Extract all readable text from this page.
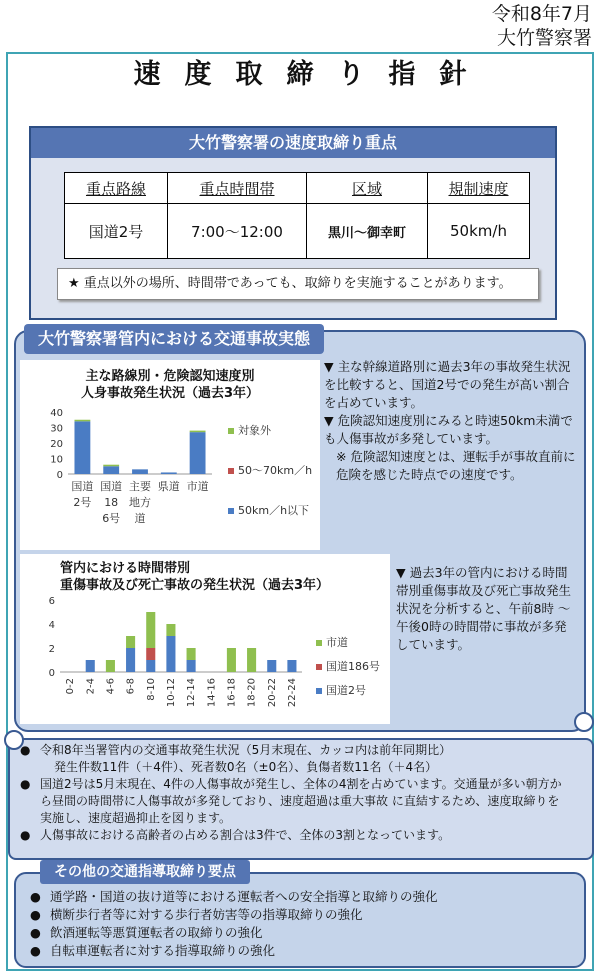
令和8年7月
大竹警察署
速度取締り指針
大竹警察署の速度取締り重点
重点路線	重点時間帯	区域	規制速度
国道2号	7:00～12:00	黒川～御幸町	50km/h
★ 重点以外の場所、時間帯であっても、取締りを実施することがあります。
大竹警察署管内における交通事故実態
主な路線別・危険認知速度別
人身事故発生状況（過去3年）
0
10
20
30
40
国道
2号
国道
18
6号
主要
地方
道
県道 市道
対象外
50～70km／h
50km／h以下
▼ 主な幹線道路別に過去3年の事故発生状況を比較すると、国道2号での発生が高い割合を占めています。
▼ 危険認知速度別にみると時速50km未満でも人傷事故が多発しています。
※ 危険認知速度とは、運転手が事故直前に危険を感じた時点での速度です。
管内における時間帯別
重傷事故及び死亡事故の発生状況（過去3年）
0
2
4
6
0-2 2-4 4-6 6-8 8-10 10-12 12-14 14-16 16-18 18-20 20-22 22-24
市道
国道186号
国道2号
▼ 過去3年の管内における時間帯別重傷事故及び死亡事故発生状況を分析すると、午前8時 ～午後0時の時間帯に事故が多発しています。
● 令和8年当署管内の交通事故発生状況（5月末現在、カッコ内は前年同期比）
発生件数11件（＋4件）、死者数0名（±0名）、負傷者数11名（＋4名）
● 国道2号は5月末現在、4件の人傷事故が発生し、全体の4割を占めています。交通量が多い朝方から昼間の時間帯に人傷事故が多発しており、速度超過は重大事故 に直結するため、速度取締りを実施し、速度超過抑止を図ります。
● 人傷事故における高齢者の占める割合は3件で、全体の3割となっています。
その他の交通指導取締り要点
● 通学路・国道の抜け道等における運転者への安全指導と取締りの強化
● 横断歩行者等に対する歩行者妨害等の指導取締りの強化
● 飲酒運転等悪質運転者の取締りの強化
● 自転車運転者に対する指導取締りの強化
